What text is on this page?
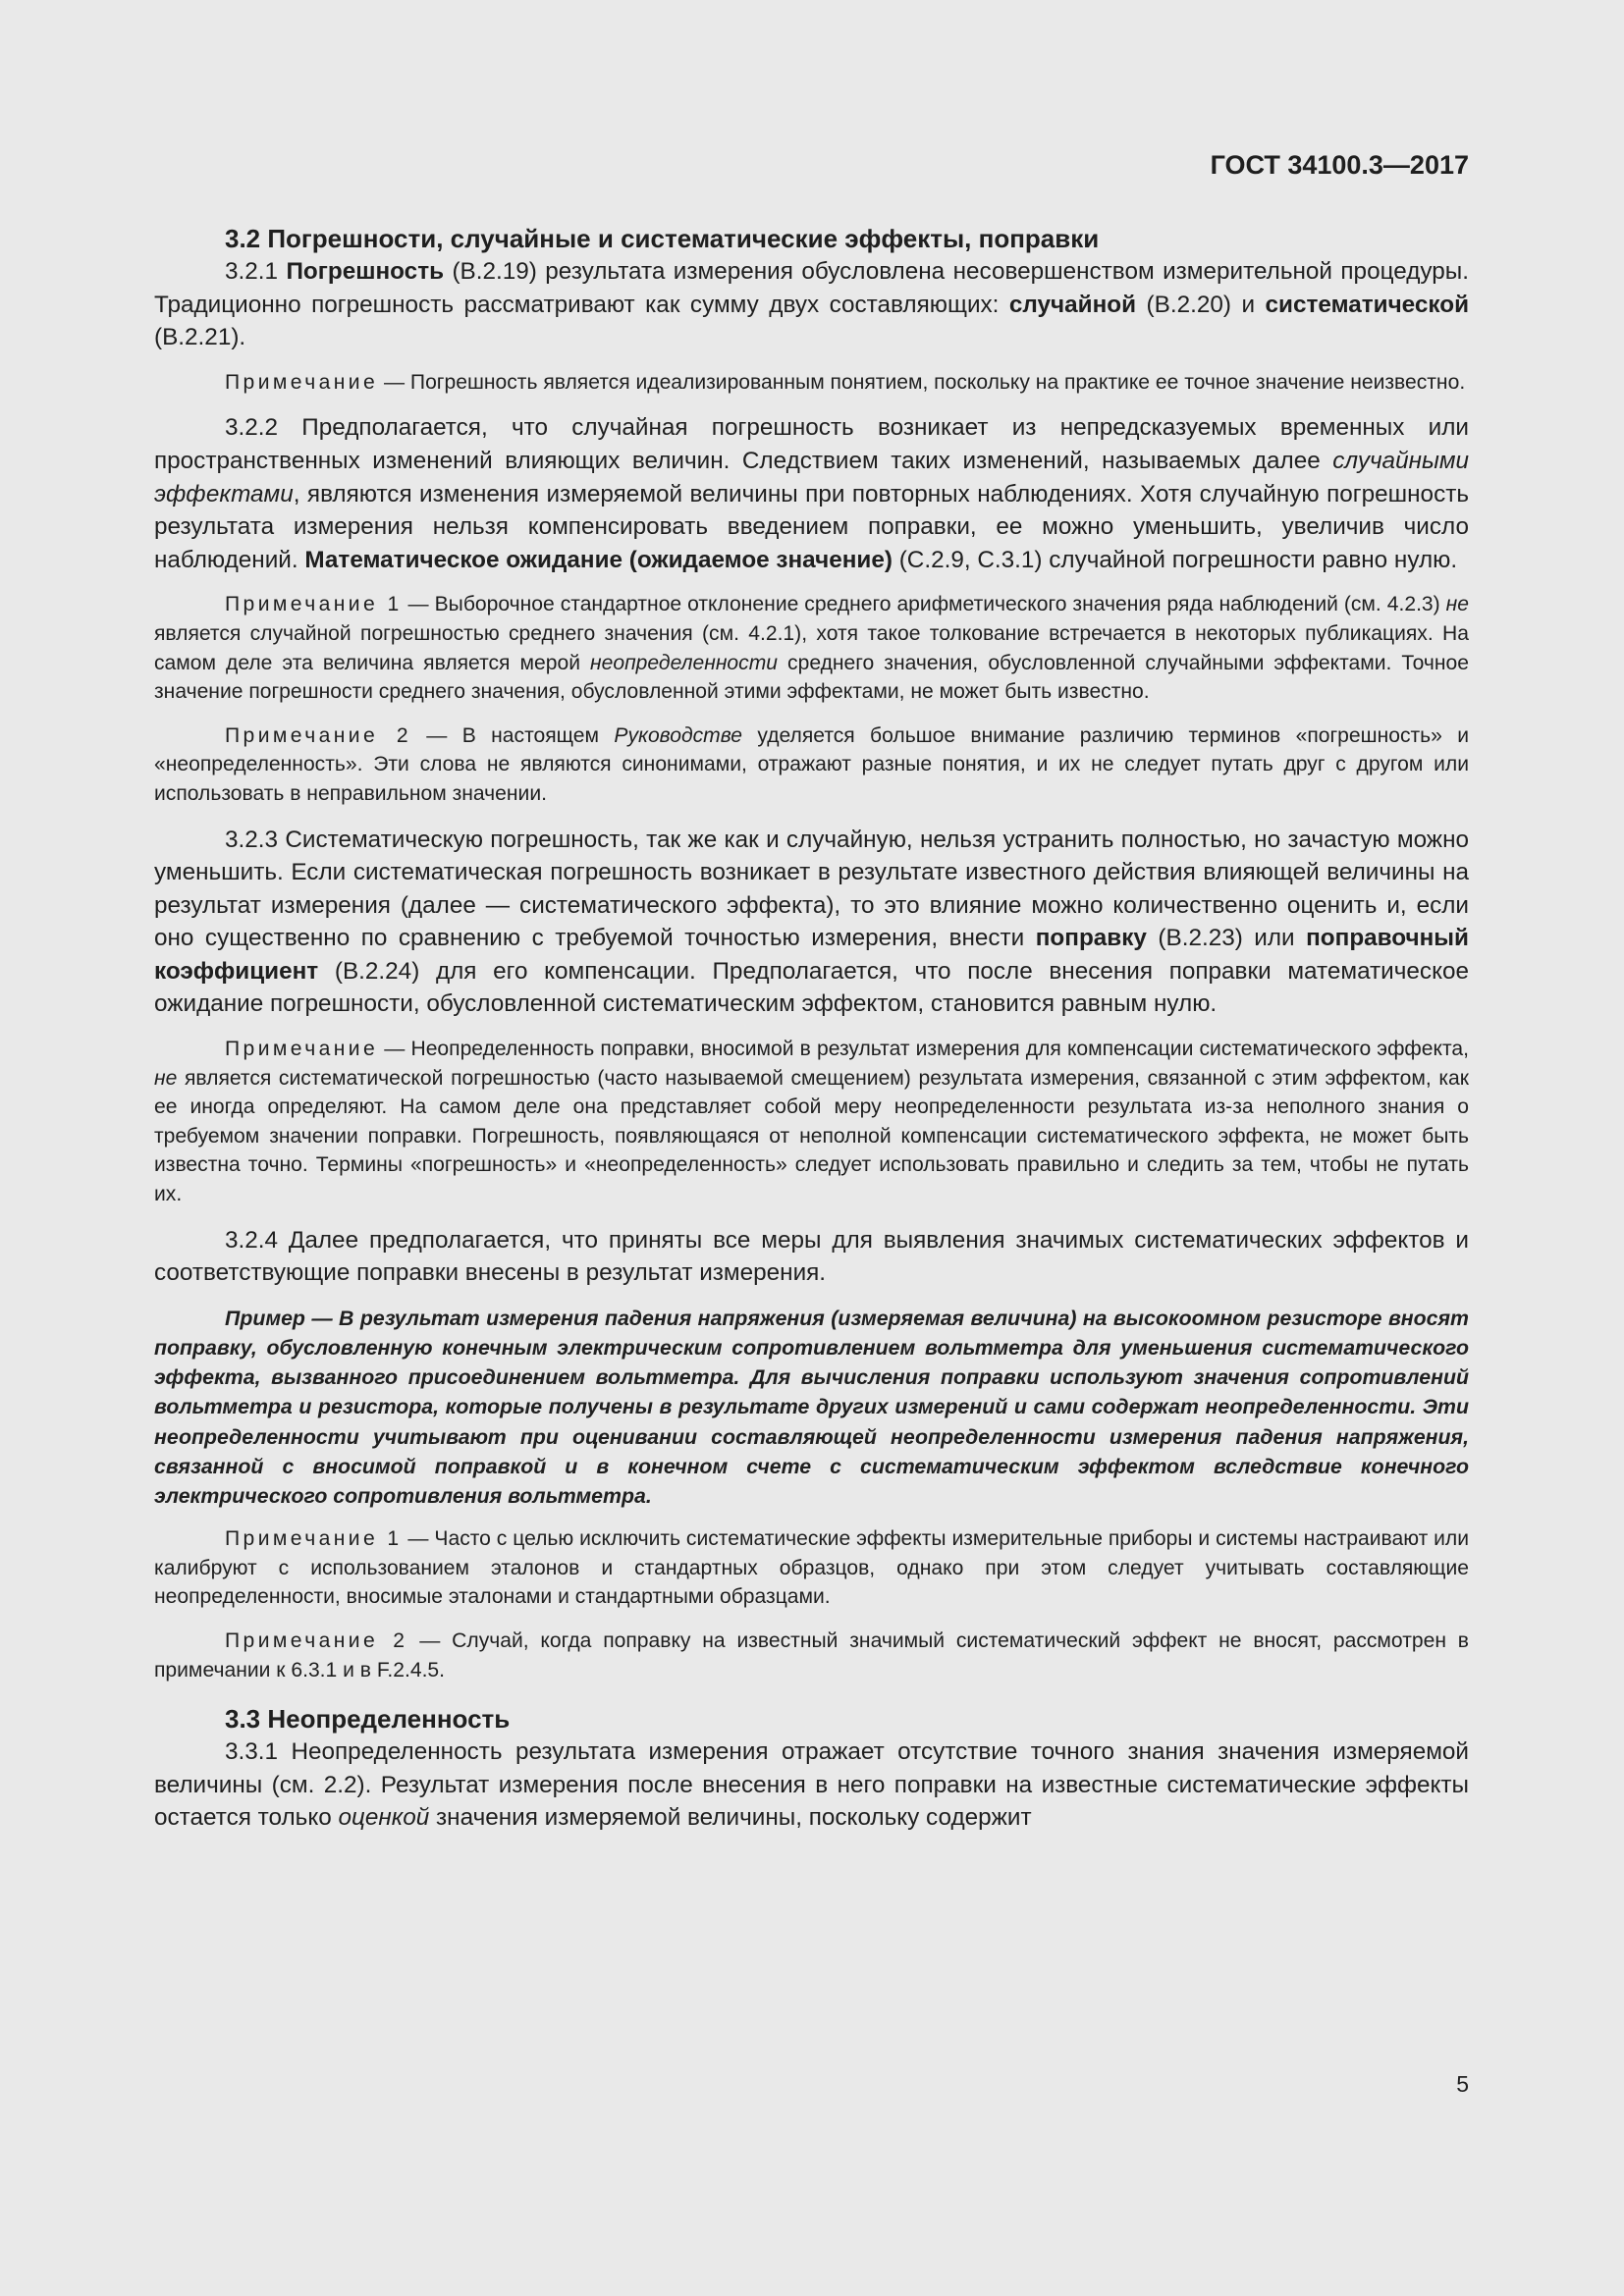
ГОСТ 34100.3—2017

3.2 Погрешности, случайные и систематические эффекты, поправки

3.2.1 Погрешность (В.2.19) результата измерения обусловлена несовершенством измерительной процедуры. Традиционно погрешность рассматривают как сумму двух составляющих: случайной (В.2.20) и систематической (В.2.21).

Примечание — Погрешность является идеализированным понятием, поскольку на практике ее точное значение неизвестно.

3.2.2 Предполагается, что случайная погрешность возникает из непредсказуемых временных или пространственных изменений влияющих величин. Следствием таких изменений, называемых далее случайными эффектами, являются изменения измеряемой величины при повторных наблюдениях. Хотя случайную погрешность результата измерения нельзя компенсировать введением поправки, ее можно уменьшить, увеличив число наблюдений. Математическое ожидание (ожидаемое значение) (С.2.9, С.3.1) случайной погрешности равно нулю.

Примечание 1 — Выборочное стандартное отклонение среднего арифметического значения ряда наблюдений (см. 4.2.3) не является случайной погрешностью среднего значения (см. 4.2.1), хотя такое толкование встречается в некоторых публикациях. На самом деле эта величина является мерой неопределенности среднего значения, обусловленной случайными эффектами. Точное значение погрешности среднего значения, обусловленной этими эффектами, не может быть известно.

Примечание 2 — В настоящем Руководстве уделяется большое внимание различию терминов «погрешность» и «неопределенность». Эти слова не являются синонимами, отражают разные понятия, и их не следует путать друг с другом или использовать в неправильном значении.

3.2.3 Систематическую погрешность, так же как и случайную, нельзя устранить полностью, но зачастую можно уменьшить. Если систематическая погрешность возникает в результате известного действия влияющей величины на результат измерения (далее — систематического эффекта), то это влияние можно количественно оценить и, если оно существенно по сравнению с требуемой точностью измерения, внести поправку (В.2.23) или поправочный коэффициент (В.2.24) для его компенсации. Предполагается, что после внесения поправки математическое ожидание погрешности, обусловленной систематическим эффектом, становится равным нулю.

Примечание — Неопределенность поправки, вносимой в результат измерения для компенсации систематического эффекта, не является систематической погрешностью (часто называемой смещением) результата измерения, связанной с этим эффектом, как ее иногда определяют. На самом деле она представляет собой меру неопределенности результата из-за неполного знания о требуемом значении поправки. Погрешность, появляющаяся от неполной компенсации систематического эффекта, не может быть известна точно. Термины «погрешность» и «неопределенность» следует использовать правильно и следить за тем, чтобы не путать их.

3.2.4 Далее предполагается, что приняты все меры для выявления значимых систематических эффектов и соответствующие поправки внесены в результат измерения.

Пример — В результат измерения падения напряжения (измеряемая величина) на высокоомном резисторе вносят поправку, обусловленную конечным электрическим сопротивлением вольтметра для уменьшения систематического эффекта, вызванного присоединением вольтметра. Для вычисления поправки используют значения сопротивлений вольтметра и резистора, которые получены в результате других измерений и сами содержат неопределенности. Эти неопределенности учитывают при оценивании составляющей неопределенности измерения падения напряжения, связанной с вносимой поправкой и в конечном счете с систематическим эффектом вследствие конечного электрического сопротивления вольтметра.

Примечание 1 — Часто с целью исключить систематические эффекты измерительные приборы и системы настраивают или калибруют с использованием эталонов и стандартных образцов, однако при этом следует учитывать составляющие неопределенности, вносимые эталонами и стандартными образцами.

Примечание 2 — Случай, когда поправку на известный значимый систематический эффект не вносят, рассмотрен в примечании к 6.3.1 и в F.2.4.5.

3.3 Неопределенность

3.3.1 Неопределенность результата измерения отражает отсутствие точного знания значения измеряемой величины (см. 2.2). Результат измерения после внесения в него поправки на известные систематические эффекты остается только оценкой значения измеряемой величины, поскольку содержит

5
